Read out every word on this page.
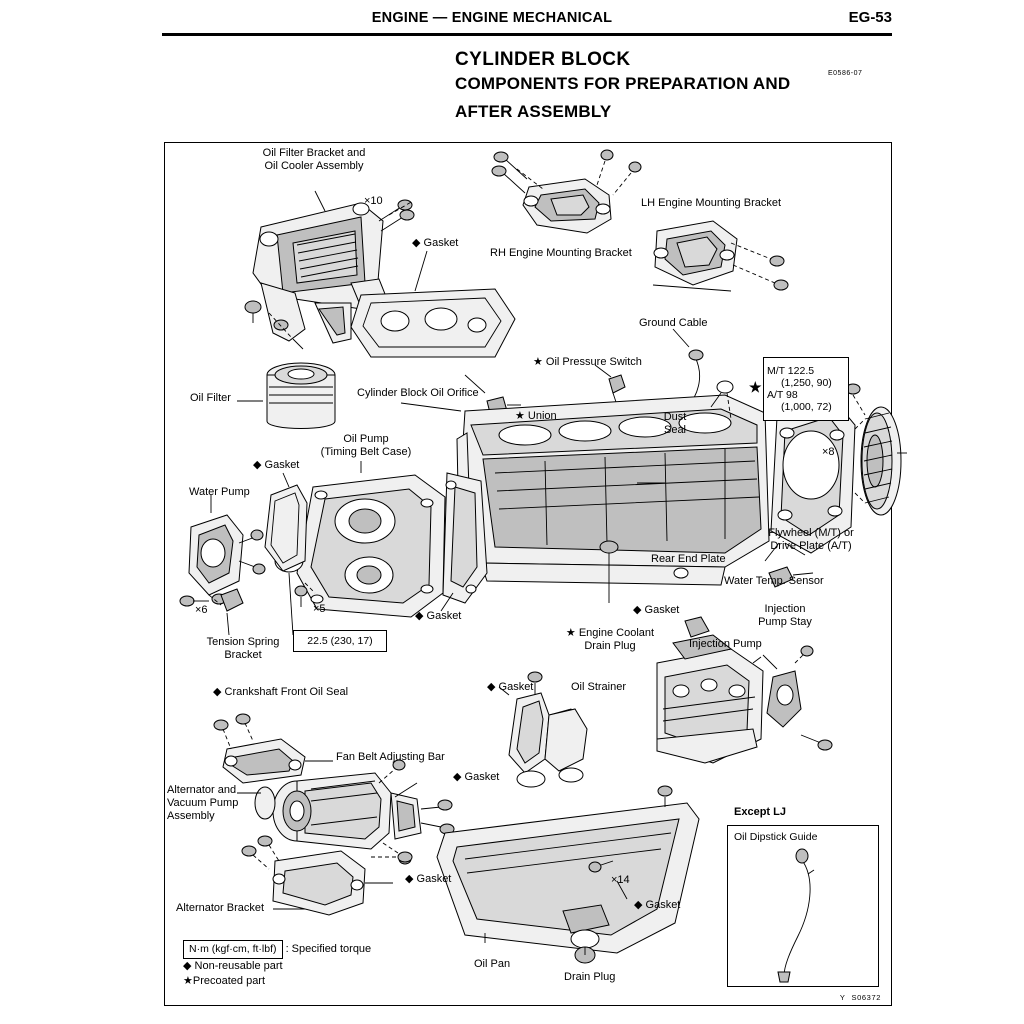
ENGINE — ENGINE MECHANICAL	EG-53
CYLINDER BLOCK
COMPONENTS FOR PREPARATION AND
AFTER ASSEMBLY
E0586-07
Oil Filter Bracket and
Oil Cooler Assembly
×10
◆ Gasket
RH Engine Mounting Bracket
LH Engine Mounting Bracket
Ground Cable
★ Oil Pressure Switch
Oil Filter	Cylinder Block Oil Orifice
★ Union	Dust
Seal
×8
Oil Pump
(Timing Belt Case)
◆ Gasket
Water Pump
×6	×5
Tension Spring
Bracket
◆ Crankshaft Front Oil Seal
◆ Gasket
★ Engine Coolant
Drain Plug
◆ Gasket
Rear End Plate
Flywheel (M/T) or
Drive Plate (A/T)
Water Temp. Sensor
Injection
Pump Stay
Injection Pump
◆ Gasket	Oil Strainer
Fan Belt Adjusting Bar
◆ Gasket
Alternator and
Vacuum Pump
Assembly
◆ Gasket
Alternator Bracket
×14
◆ Gasket
Oil Pan
Drain Plug
M/T 122.5
(1,250, 90)
A/T 98
(1,000, 72)
★
22.5 (230, 17)
Except LJ
Oil Dipstick Guide
N·m (kgf·cm, ft·lbf) : Specified torque
◆ Non-reusable part
★Precoated part
Y S06372
